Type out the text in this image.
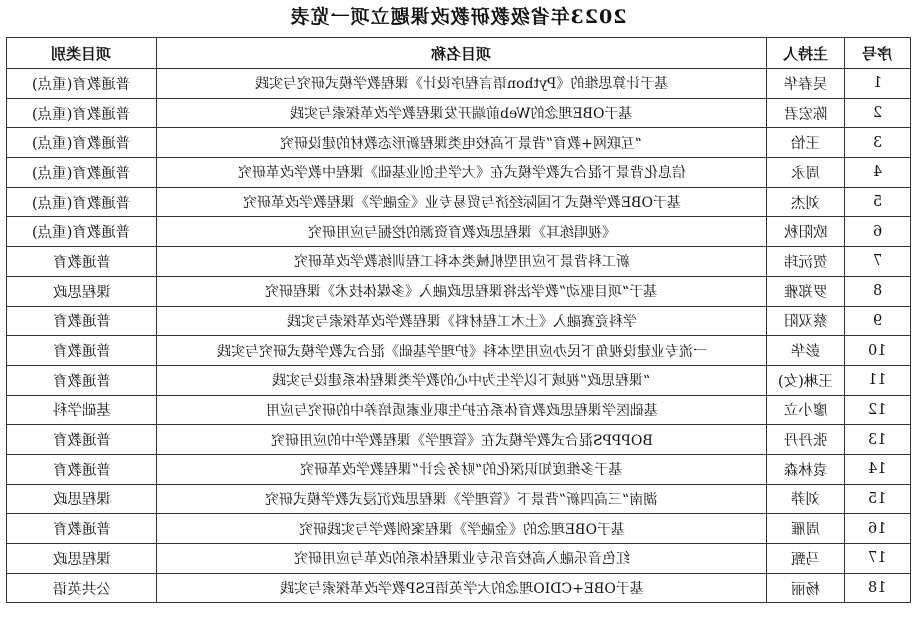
2023年省级教研教改课题立项一览表
项目类别	项目名称	主持人	序号
普通教育(重点)	基于计算思维的《Python语言程序设计》课程教学模式研究与实践	吴春华	1
普通教育(重点)	基于OBE理念的Web前端开发课程教学改革探索与实践	陈宏君	2
普通教育(重点)	“互联网+教育”背景下高校电类课程新形态教材的建设研究	王怡	3
普通教育(重点)	信息化背景下混合式教学模式在《大学生创业基础》课程中教学改革研究	周永	4
普通教育(重点)	基于OBE教学模式下国际经济与贸易专业《金融学》课程教学改革研究	刘杰	5
普通教育(重点)	《视唱练耳》课程思政教育资源的挖掘与应用研究	欧阳秋	6
普通教育	新工科背景下应用型机械类本科工程训练教学改革研究	贺沅玮	7
课程思政	基于“项目驱动”教学法将课程思政融入《多媒体技术》课程研究	罗郑雅	8
普通教育	学科竞赛融入《土木工程材料》课程教学改革探索与实践	蔡双阳	9
普通教育	一流专业建设视角下民办应用型本科《护理学基础》混合式教学模式研究与实践	彭华	10
普通教育	“课程思政”视域下以学生为中心的教学类课程体系建设与实践	王琳(女)	11
基础学科	基础医学课程思政教育体系在护生职业素质培养中的研究与应用	廖小立	12
普通教育	BOPPPS混合式教学模式在《管理学》课程教学中的应用研究	张丹丹	13
普通教育	基于多维度知识深化的“财务会计”课程教学改革研究	袁林森	14
课程思政	湖南“三高四新”背景下《管理学》课程思政沉浸式教学模式研究	刘莽	15
普通教育	基于OBE理念的《金融学》课程案例教学与实践研究	周雁	16
课程思政	红色音乐融入高校音乐专业课程体系的改革与应用研究	马甄	17
公共英语	基于OBE+CDIO理念的大学英语ESP教学改革探索与实践	杨丽	18
